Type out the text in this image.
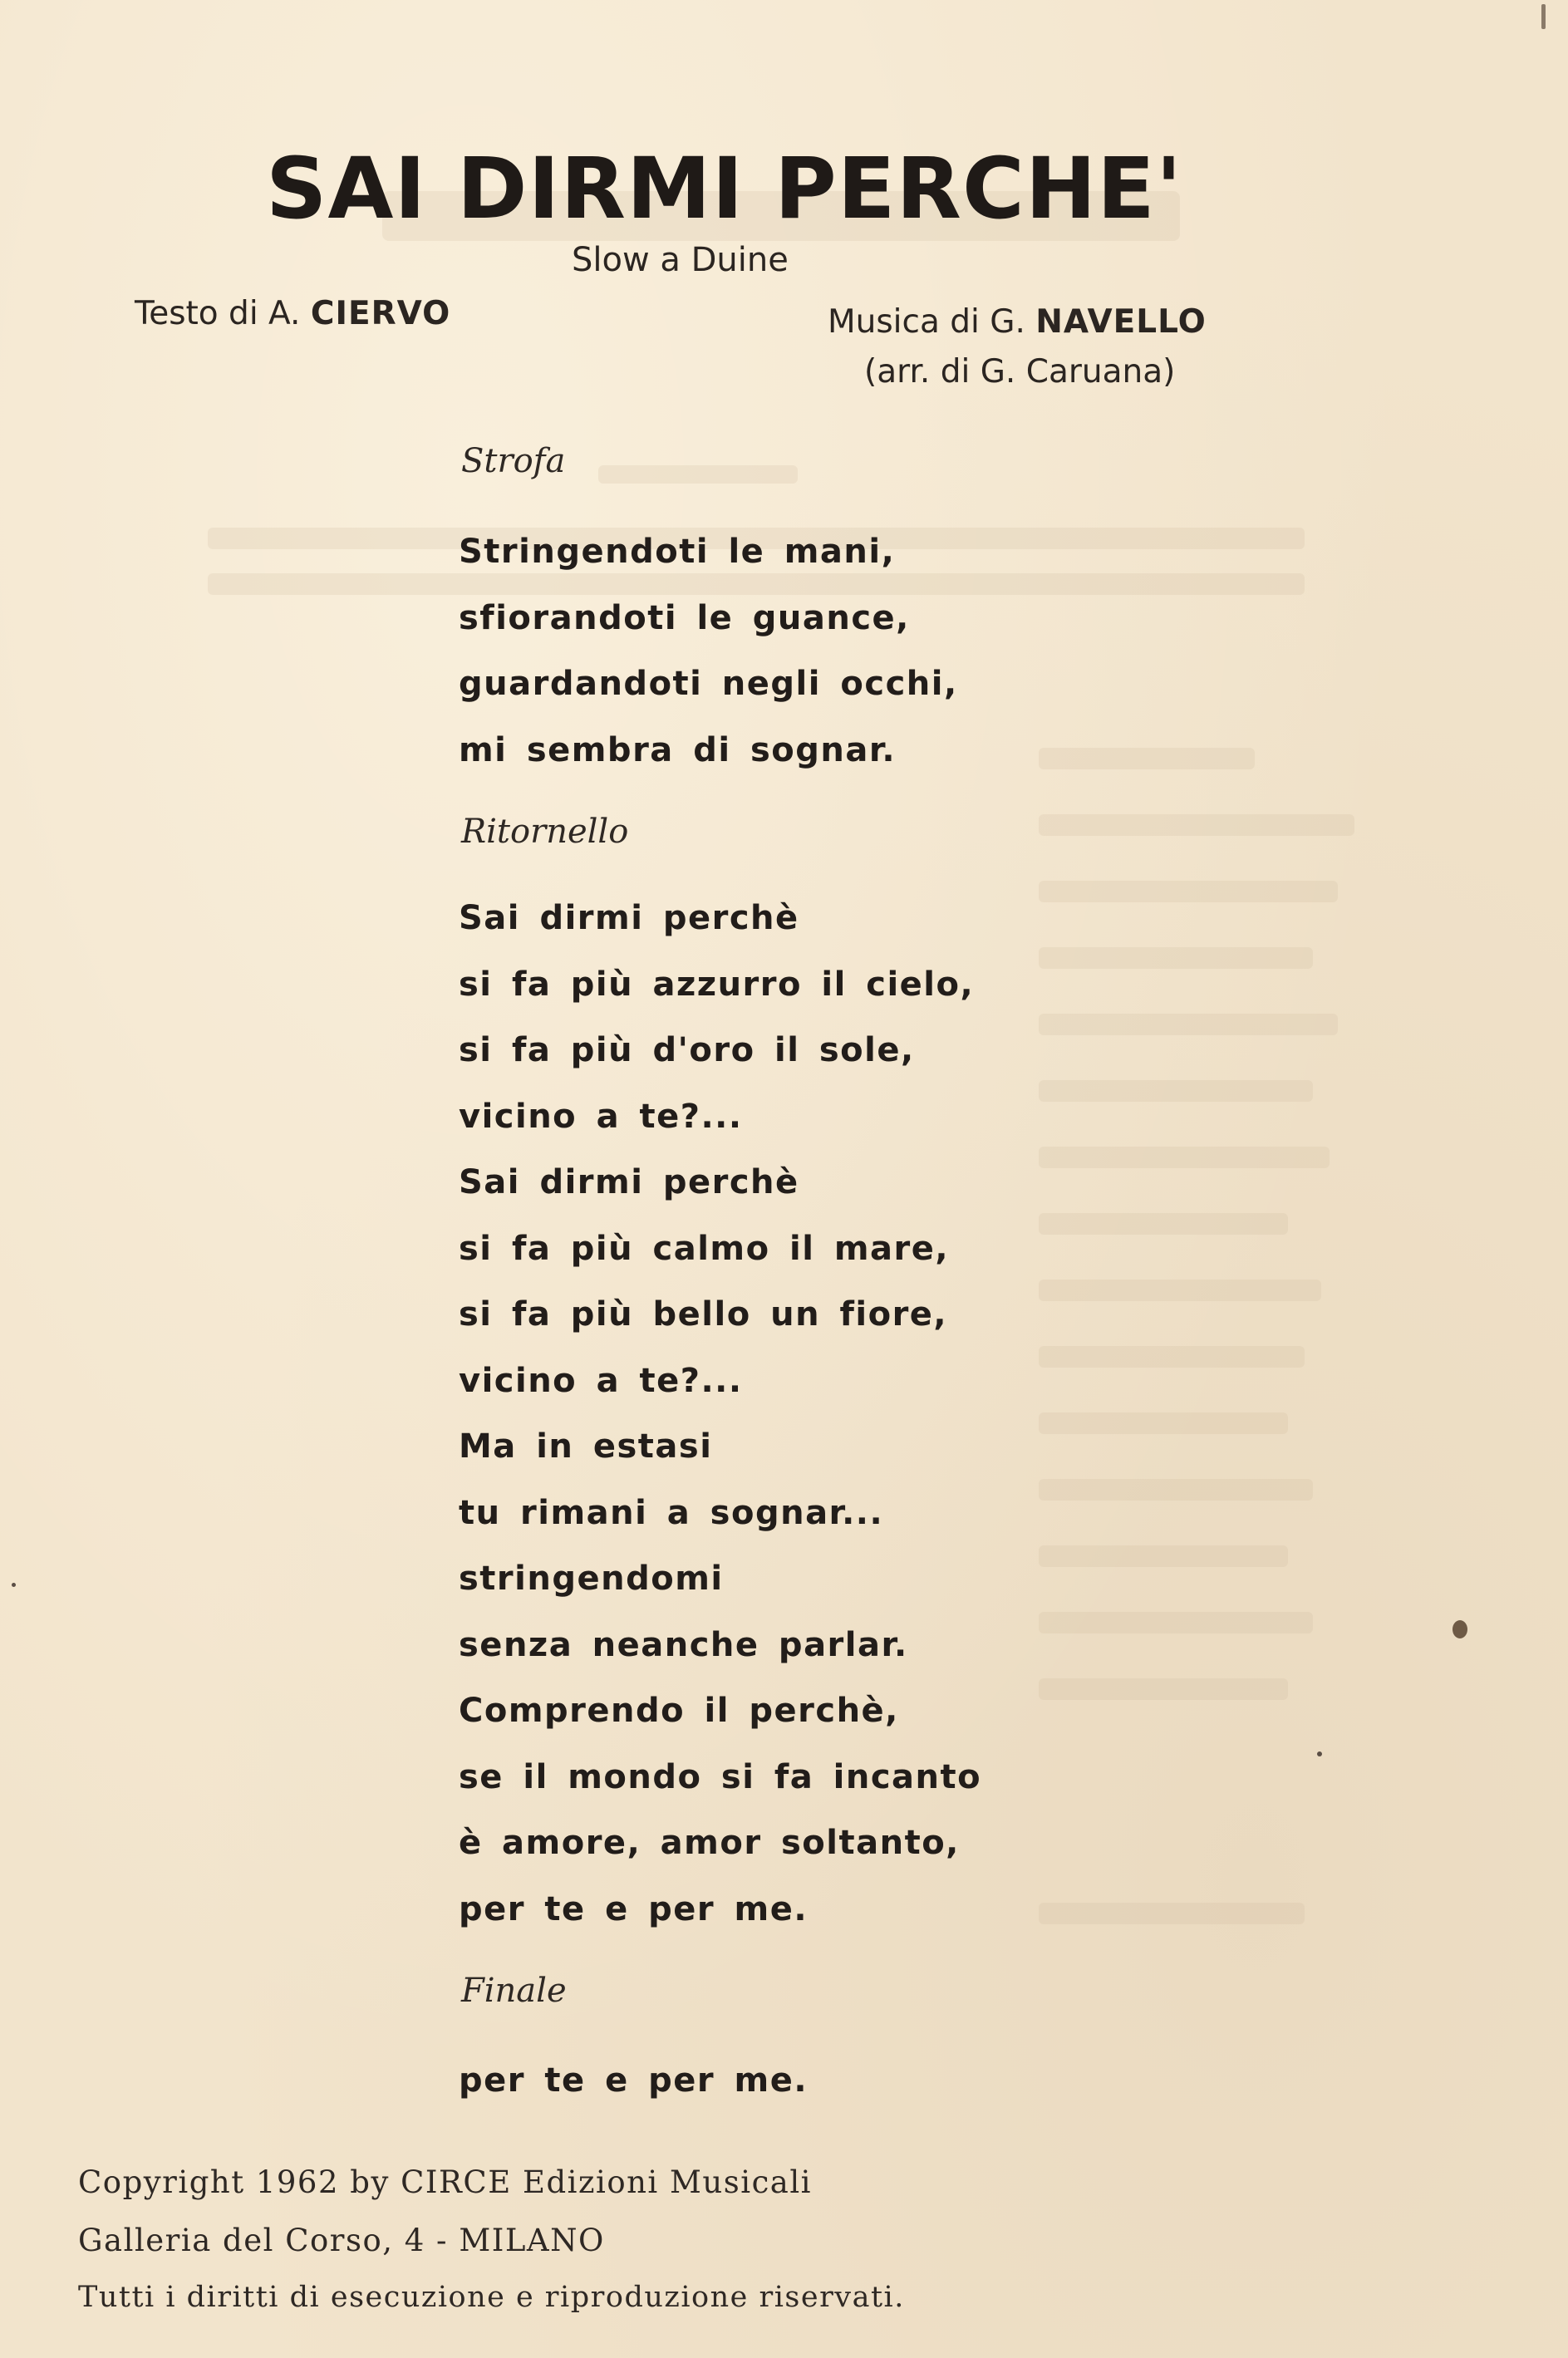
SAI DIRMI PERCHE'
Slow a Duine
Testo di A. CIERVO	Musica di G. NAVELLO
(arr. di G. Caruana)
Strofa
Stringendoti le mani,
sfiorandoti le guance,
guardandoti negli occhi,
mi sembra di sognar.
Ritornello
Sai dirmi perchè
si fa più azzurro il cielo,
si fa più d'oro il sole,
vicino a te?...
Sai dirmi perchè
si fa più calmo il mare,
si fa più bello un fiore,
vicino a te?...
Ma in estasi
tu rimani a sognar...
stringendomi
senza neanche parlar.
Comprendo il perchè,
se il mondo si fa incanto
è amore, amor soltanto,
per te e per me.
Finale
per te e per me.
Copyright 1962 by CIRCE Edizioni Musicali
Galleria del Corso, 4 - MILANO
Tutti i diritti di esecuzione e riproduzione riservati.
